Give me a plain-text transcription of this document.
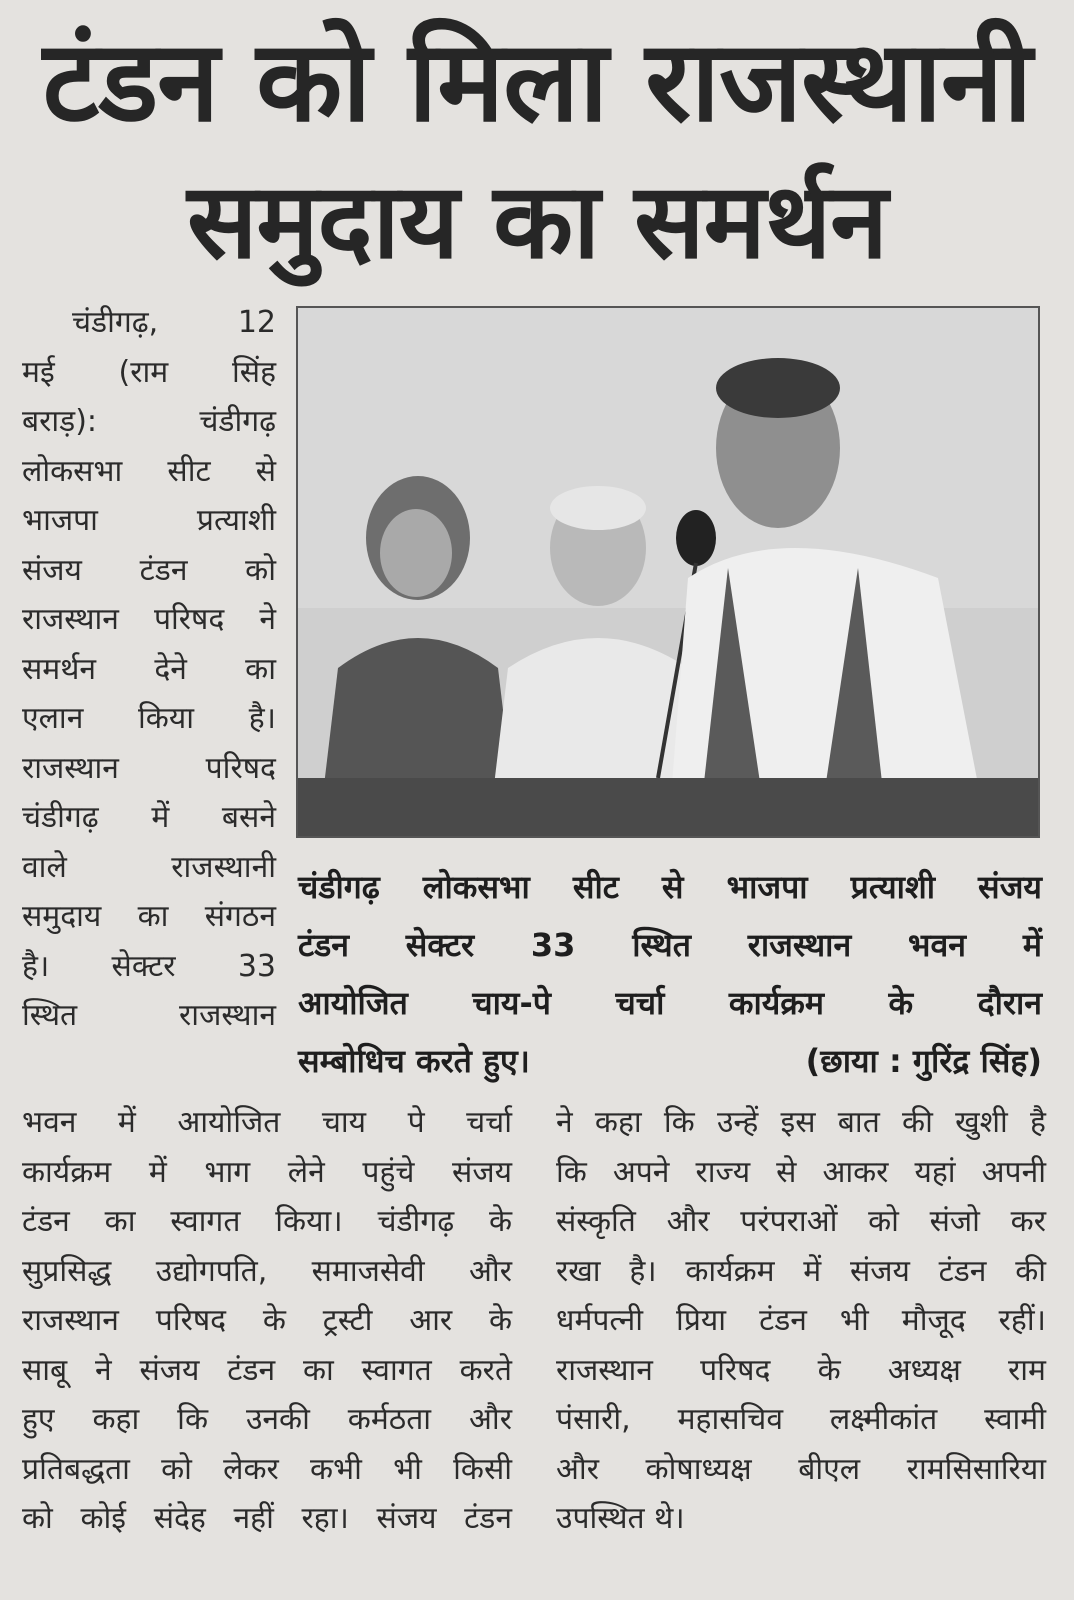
टंडन को मिला राजस्थानी
समुदाय का समर्थन

चंडीगढ़, 12

मई (राम सिंह

बराड़): चंडीगढ़

लोकसभा सीट से

भाजपा प्रत्याशी

संजय टंडन को

राजस्थान परिषद ने

समर्थन देने का

एलान किया है।

राजस्थान परिषद

चंडीगढ़ में बसने

वाले राजस्थानी

समुदाय का संगठन

है। सेक्टर 33

स्थित राजस्थान

चंडीगढ़ लोकसभा सीट से भाजपा प्रत्याशी संजय

टंडन सेक्टर 33 स्थित राजस्थान भवन में

आयोजित चाय-पे चर्चा कार्यक्रम के दौरान

सम्बोधिच करते हुए।	(छाया : गुरिंद्र सिंह)

भवन में आयोजित चाय पे चर्चा

कार्यक्रम में भाग लेने पहुंचे संजय

टंडन का स्वागत किया। चंडीगढ़ के

सुप्रसिद्ध उद्योगपति, समाजसेवी और

राजस्थान परिषद के ट्रस्टी आर के

साबू ने संजय टंडन का स्वागत करते

हुए कहा कि उनकी कर्मठता और

प्रतिबद्धता को लेकर कभी भी किसी

को कोई संदेह नहीं रहा। संजय टंडन

ने कहा कि उन्हें इस बात की खुशी है

कि अपने राज्य से आकर यहां अपनी

संस्कृति और परंपराओं को संजो कर

रखा है। कार्यक्रम में संजय टंडन की

धर्मपत्नी प्रिया टंडन भी मौजूद रहीं।

राजस्थान परिषद के अध्यक्ष राम

पंसारी, महासचिव लक्ष्मीकांत स्वामी

और कोषाध्यक्ष बीएल रामसिसारिया

उपस्थित थे।
